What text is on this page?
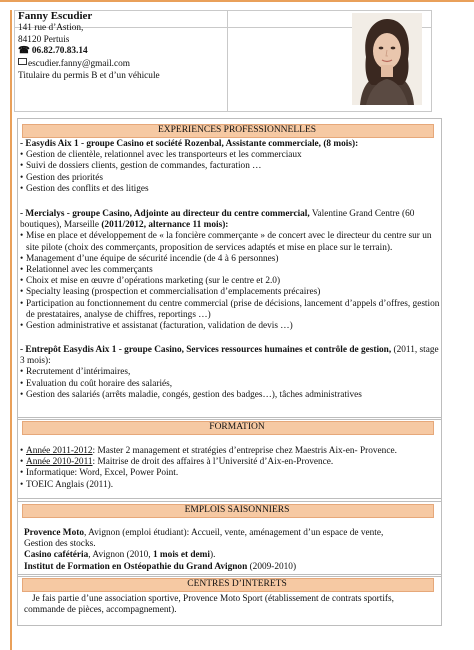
Fanny Escudier
141 rue d’Astion,
84120 Pertuis
☎ 06.82.70.83.14
escudier.fanny@gmail.com
Titulaire du permis B et d’un véhicule
EXPERIENCES PROFESSIONNELLES
- Easydis Aix 1 - groupe Casino et société Rozenbal, Assistante commerciale, (8 mois):
• Gestion de clientèle, relationnel avec les transporteurs et les commerciaux
• Suivi de dossiers clients, gestion de commandes, facturation …
• Gestion des priorités
• Gestion des conflits et des litiges
- Mercialys - groupe Casino, Adjointe au directeur du centre commercial, Valentine Grand Centre (60 boutiques), Marseille (2011/2012, alternance 11 mois):
• Mise en place et développement de « la foncière commerçante » de concert avec le directeur du centre sur un site pilote (choix des commerçants, proposition de services adaptés et mise en place sur le terrain).
• Management d’une équipe de sécurité incendie (de 4 à 6 personnes)
• Relationnel avec les commerçants
• Choix et mise en œuvre d’opérations marketing (sur le centre et 2.0)
• Specialty leasing (prospection et commercialisation d’emplacements précaires)
• Participation au fonctionnement du centre commercial (prise de décisions, lancement d’appels d’offres, gestion de prestataires, analyse de chiffres, reportings …)
• Gestion administrative et assistanat (facturation, validation de devis …)
- Entrepôt Easydis Aix 1 - groupe Casino, Services ressources humaines et contrôle de gestion, (2011, stage 3 mois):
• Recrutement d’intérimaires,
• Evaluation du coût horaire des salariés,
• Gestion des salariés (arrêts maladie, congés, gestion des badges…), tâches administratives
FORMATION
• Année 2011-2012: Master 2 management et stratégies d’entreprise chez Maestris Aix-en- Provence.
• Année 2010-2011: Maitrise de droit des affaires à l’Université d’Aix-en-Provence.
• Informatique: Word, Excel, Power Point.
• TOEIC Anglais (2011).
EMPLOIS SAISONNIERS
Provence Moto, Avignon (emploi étudiant): Accueil, vente, aménagement d’un espace de vente,
Gestion des stocks.
Casino cafétéria, Avignon (2010, 1 mois et demi).
Institut de Formation en Ostéopathie du Grand Avignon (2009-2010)
CENTRES D’INTERETS
Je fais partie d’une association sportive, Provence Moto Sport (établissement de contrats sportifs, commande de pièces, accompagnement).
